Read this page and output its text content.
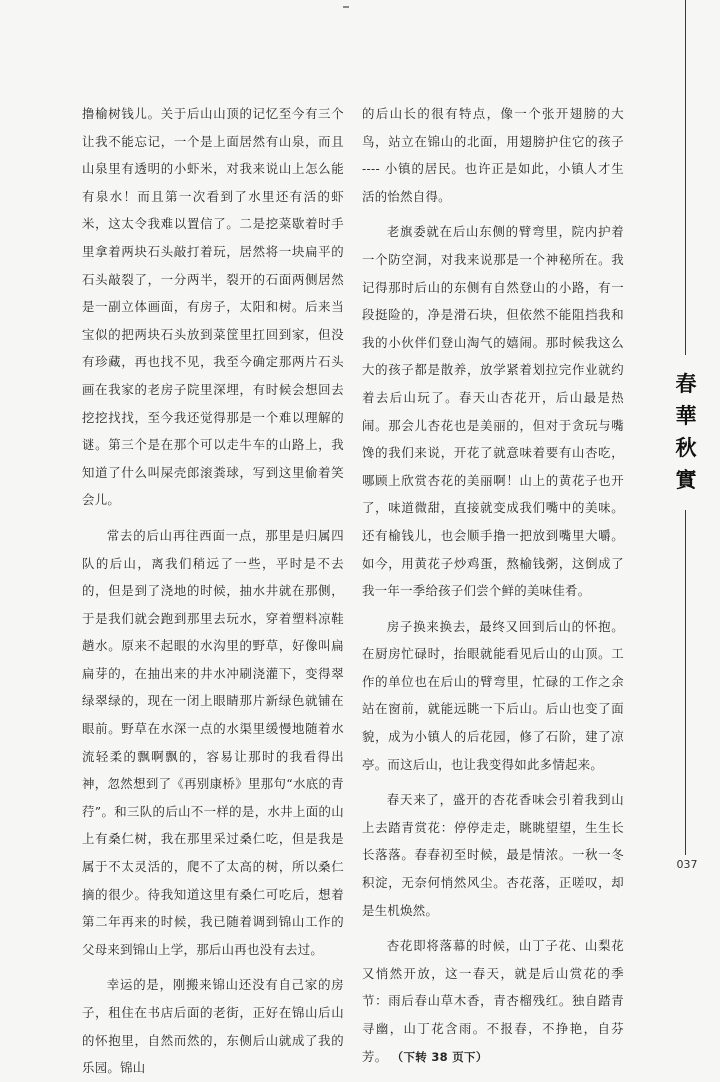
撸榆树钱儿。关于后山山顶的记忆至今有三个让我不能忘记，一个是上面居然有山泉，而且山泉里有透明的小虾米，对我来说山上怎么能有泉水！而且第一次看到了水里还有活的虾米，这太令我难以置信了。二是挖菜歇着时手里拿着两块石头敲打着玩，居然将一块扁平的石头敲裂了，一分两半，裂开的石面两侧居然是一副立体画面，有房子，太阳和树。后来当宝似的把两块石头放到菜筐里扛回到家，但没有珍藏，再也找不见，我至今确定那两片石头画在我家的老房子院里深埋，有时候会想回去挖挖找找，至今我还觉得那是一个难以理解的谜。第三个是在那个可以走牛车的山路上，我知道了什么叫屎壳郎滚粪球，写到这里偷着笑会儿。

常去的后山再往西面一点，那里是归属四队的后山，离我们稍远了一些，平时是不去的，但是到了浇地的时候，抽水井就在那侧，于是我们就会跑到那里去玩水，穿着塑料凉鞋趟水。原来不起眼的水沟里的野草，好像叫扁扁芽的，在抽出来的井水冲刷浇灌下，变得翠绿翠绿的，现在一闭上眼睛那片新绿色就铺在眼前。野草在水深一点的水渠里缓慢地随着水流轻柔的飘啊飘的，容易让那时的我看得出神，忽然想到了《再别康桥》里那句“水底的青荇”。和三队的后山不一样的是，水井上面的山上有桑仁树，我在那里采过桑仁吃，但是我是属于不太灵活的，爬不了太高的树，所以桑仁摘的很少。待我知道这里有桑仁可吃后，想着第二年再来的时候，我已随着调到锦山工作的父母来到锦山上学，那后山再也没有去过。

幸运的是，刚搬来锦山还没有自己家的房子，租住在书店后面的老街，正好在锦山后山的怀抱里，自然而然的，东侧后山就成了我的乐园。锦山

的后山长的很有特点，像一个张开翅膀的大鸟，站立在锦山的北面，用翅膀护住它的孩子 ---- 小镇的居民。也许正是如此，小镇人才生活的怡然自得。

老旗委就在后山东侧的臂弯里，院内护着一个防空洞，对我来说那是一个神秘所在。我记得那时后山的东侧有自然登山的小路，有一段挺险的，净是滑石块，但依然不能阻挡我和我的小伙伴们登山淘气的嬉闹。那时候我这么大的孩子都是散养，放学紧着划拉完作业就约着去后山玩了。春天山杏花开，后山最是热闹。那会儿杏花也是美丽的，但对于贪玩与嘴馋的我们来说，开花了就意味着要有山杏吃，哪顾上欣赏杏花的美丽啊！山上的黄花子也开了，味道微甜，直接就变成我们嘴中的美味。还有榆钱儿，也会顺手撸一把放到嘴里大嚼。如今，用黄花子炒鸡蛋，熬榆钱粥，这倒成了我一年一季给孩子们尝个鲜的美味佳肴。

房子换来换去，最终又回到后山的怀抱。在厨房忙碌时，抬眼就能看见后山的山顶。工作的单位也在后山的臂弯里，忙碌的工作之余站在窗前，就能远眺一下后山。后山也变了面貌，成为小镇人的后花园，修了石阶，建了凉亭。而这后山，也让我变得如此多情起来。

春天来了，盛开的杏花香味会引着我到山上去踏青赏花：停停走走，眺眺望望，生生长长落落。春春初至时候，最是情浓。一秋一冬积淀，无奈何悄然风尘。杏花落，正嗟叹，却是生机焕然。

杏花即将落幕的时候，山丁子花、山梨花又悄然开放，这一春天，就是后山赏花的季节：雨后春山草木香，青杏榴残红。独自踏青寻幽，山丁花含雨。不报春，不挣艳，自芬芳。 （下转 38 页下）

春華秋實
037
